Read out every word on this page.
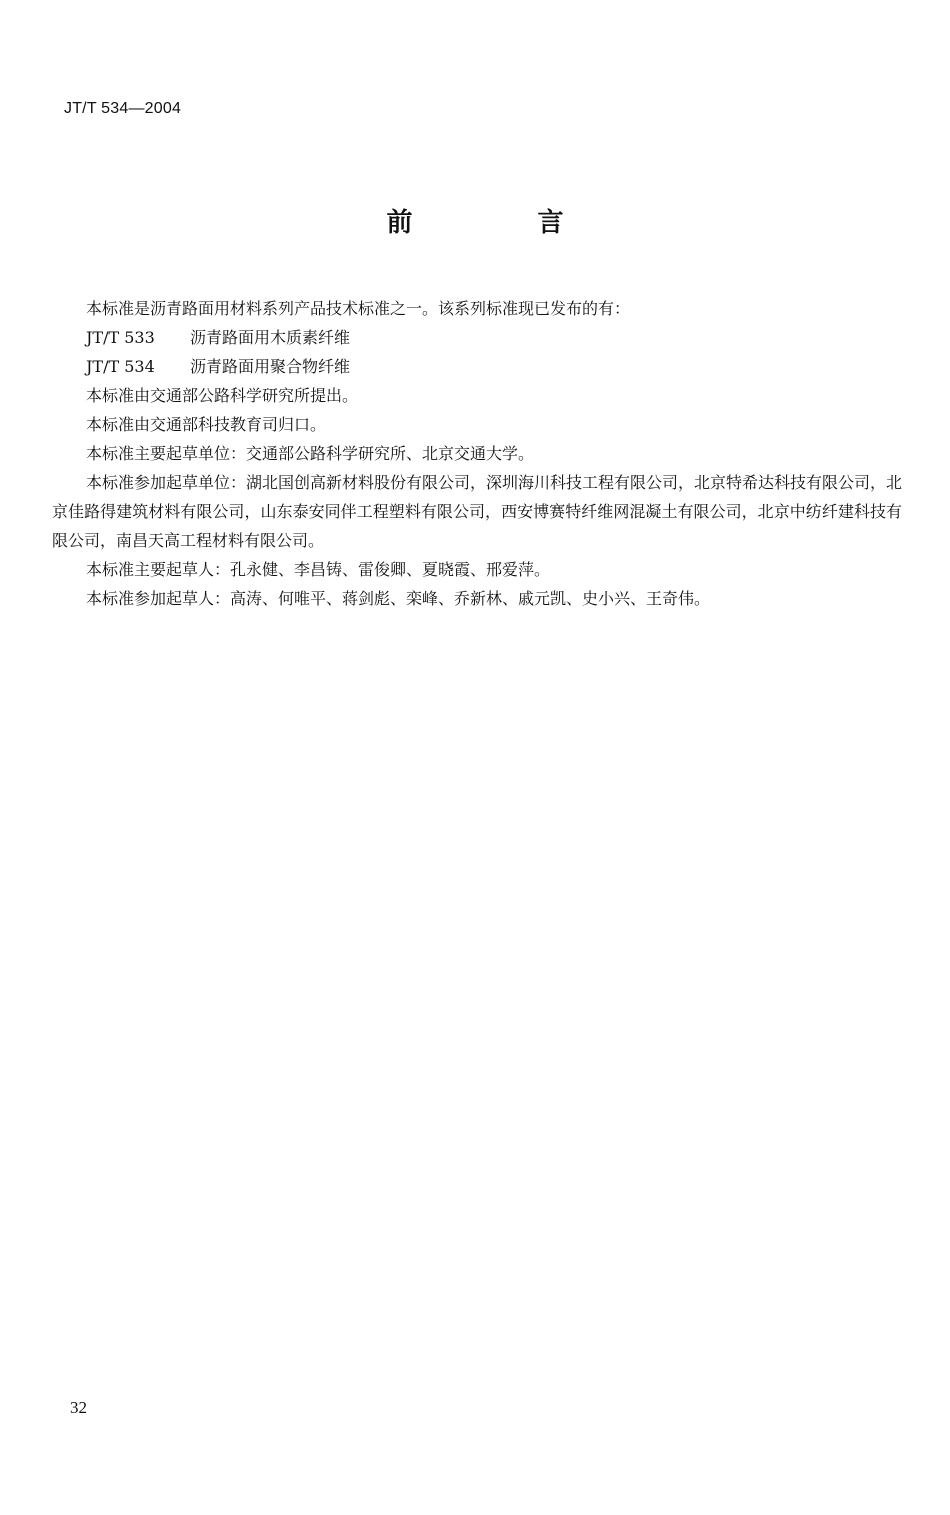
JT/T 534—2004
前 言

本标准是沥青路面用材料系列产品技术标准之一。该系列标准现已发布的有：

JT/T 533 沥青路面用木质素纤维

JT/T 534 沥青路面用聚合物纤维

本标准由交通部公路科学研究所提出。

本标准由交通部科技教育司归口。

本标准主要起草单位：交通部公路科学研究所、北京交通大学。

本标准参加起草单位：湖北国创高新材料股份有限公司，深圳海川科技工程有限公司，北京特希达科技有限公司，北京佳路得建筑材料有限公司，山东泰安同伴工程塑料有限公司，西安博赛特纤维网混凝土有限公司，北京中纺纤建科技有限公司，南昌天高工程材料有限公司。

本标准主要起草人：孔永健、李昌铸、雷俊卿、夏晓霞、邢爱萍。

本标准参加起草人：高涛、何唯平、蒋剑彪、栾峰、乔新林、戚元凯、史小兴、王奇伟。

32
